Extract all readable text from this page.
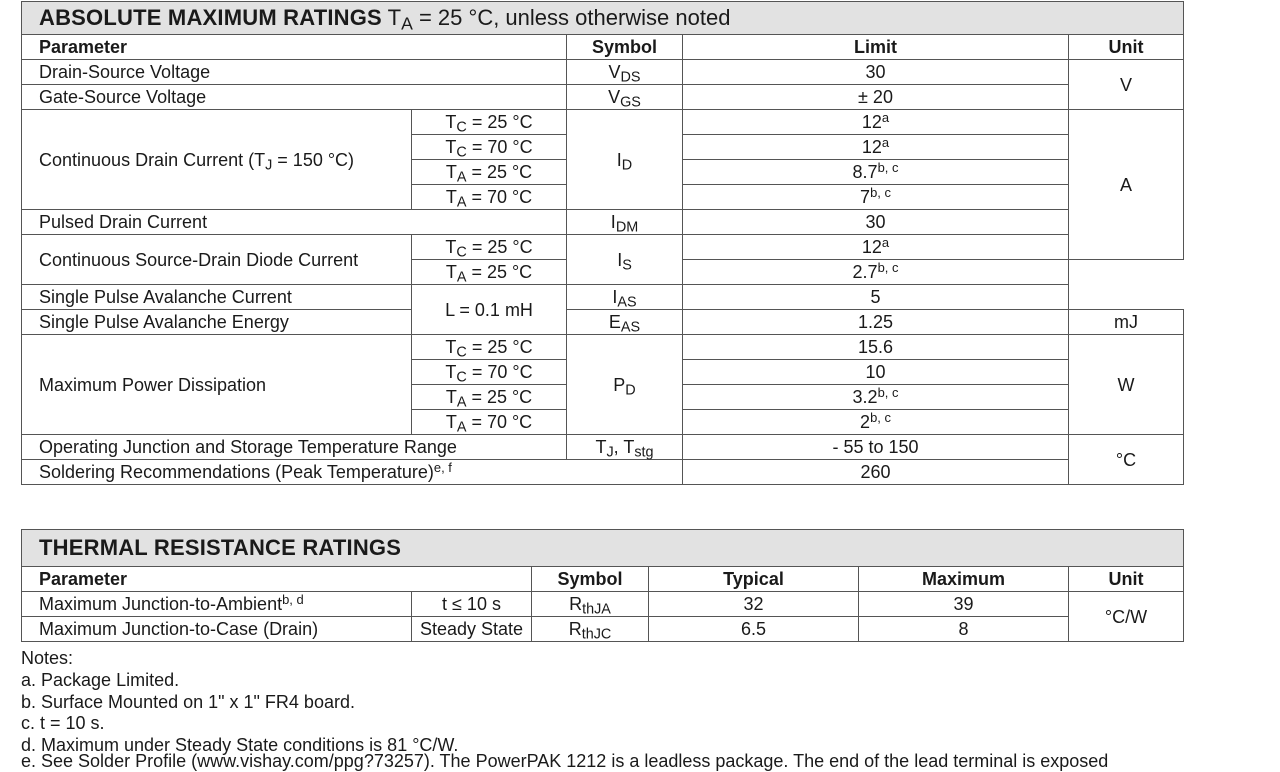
ABSOLUTE MAXIMUM RATINGS $T_A = 25$ °C, unless otherwise noted				
Parameter		Symbol	Limit	Unit
Drain-Source Voltage		$V_{DS}$	30	V
Gate-Source Voltage		$V_{GS}$	± 20	
Continuous Drain Current ($T_J = 150$ °C)	$T_C = 25$ °C	$I_D$	12$^a$	A
	$T_C = 70$ °C		12$^a$
	$T_A = 25$ °C		8.7$^{b, c}$
	$T_A = 70$ °C		7$^{b, c}$
Pulsed Drain Current		$I_{DM}$	30	
Continuous Source-Drain Diode Current	$T_C = 25$ °C	$I_S$	12$^a$
	$T_A = 25$ °C		2.7$^{b, c}$
Single Pulse Avalanche Current	L = 0.1 mH	$I_{AS}$	5	
Single Pulse Avalanche Energy		$E_{AS}$	1.25	mJ
Maximum Power Dissipation	$T_C = 25$ °C	$P_D$	15.6	W
	$T_C = 70$ °C		10	
	$T_A = 25$ °C		3.2$^{b, c}$
	$T_A = 70$ °C		2$^{b, c}$
Operating Junction and Storage Temperature Range		$T_J$, $T_{stg}$	- 55 to 150	°C
Soldering Recommendations (Peak Temperature)$^{e, f}$			260	
THERMAL RESISTANCE RATINGS					
Parameter		Symbol	Typical	Maximum	Unit
Maximum Junction-to-Ambient$^{b, d}$	t ≤ 10 s	$R_{thJA}$	32	39	°C/W
Maximum Junction-to-Case (Drain)	Steady State	$R_{thJC}$	6.5	8	
Notes:
a. Package Limited.
b. Surface Mounted on 1" x 1" FR4 board.
c. t = 10 s.
d. Maximum under Steady State conditions is 81 °C/W.
e. See Solder Profile (www.vishay.com/ppg?73257). The PowerPAK 1212 is a leadless package. The end of the lead terminal is exposed
